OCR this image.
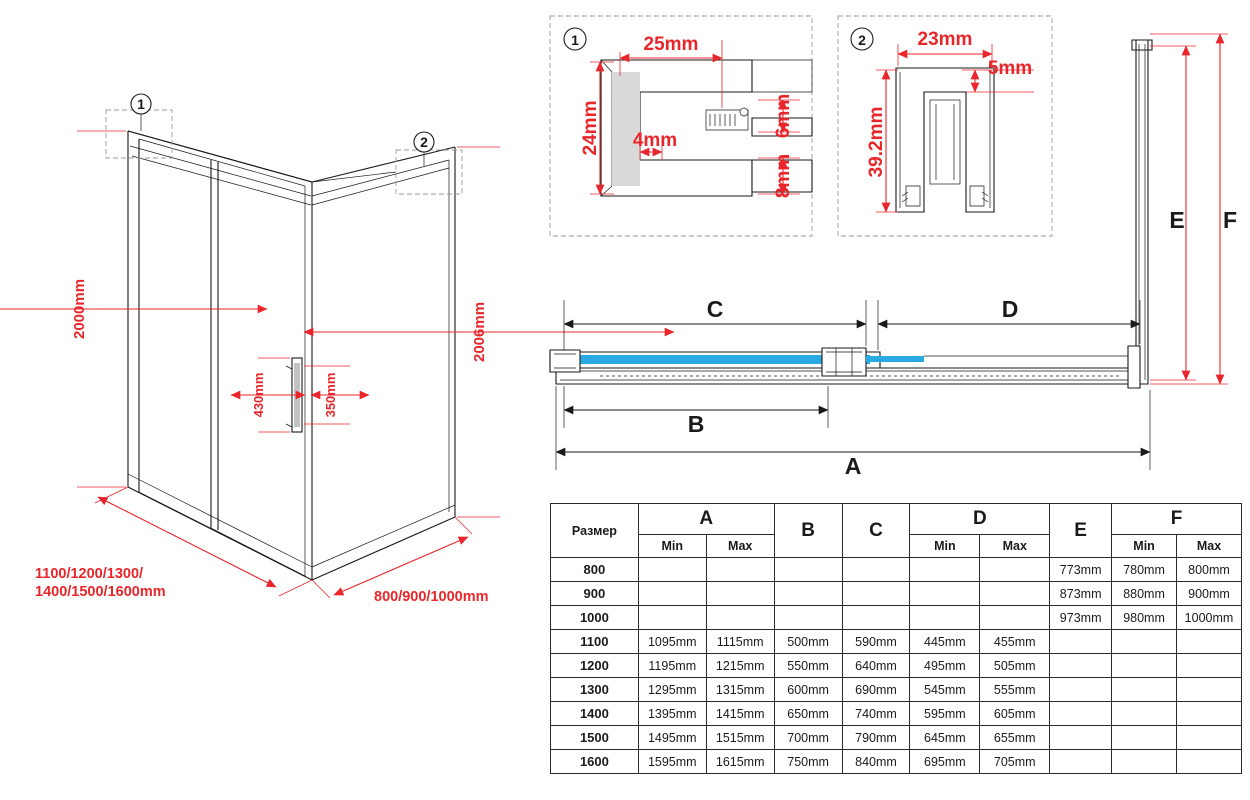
1
2
2000mm	2006mm
430mm	350mm
1	25mm
6mm
8mm
24mm 4mm
2	23mm
5mm
39.2mm
E F
C	D
B
A
1100/1200/1300/
1400/1500/1600mm	800/900/1000mm
Размер	A		B	C	D		E	F	
	Min	Max			Min	Max		Min	Max
800							773mm	780mm	800mm
900							873mm	880mm	900mm
1000							973mm	980mm	1000mm
1100	1095mm	1115mm	500mm	590mm	445mm	455mm			
1200	1195mm	1215mm	550mm	640mm	495mm	505mm			
1300	1295mm	1315mm	600mm	690mm	545mm	555mm			
1400	1395mm	1415mm	650mm	740mm	595mm	605mm			
1500	1495mm	1515mm	700mm	790mm	645mm	655mm			
1600	1595mm	1615mm	750mm	840mm	695mm	705mm			
